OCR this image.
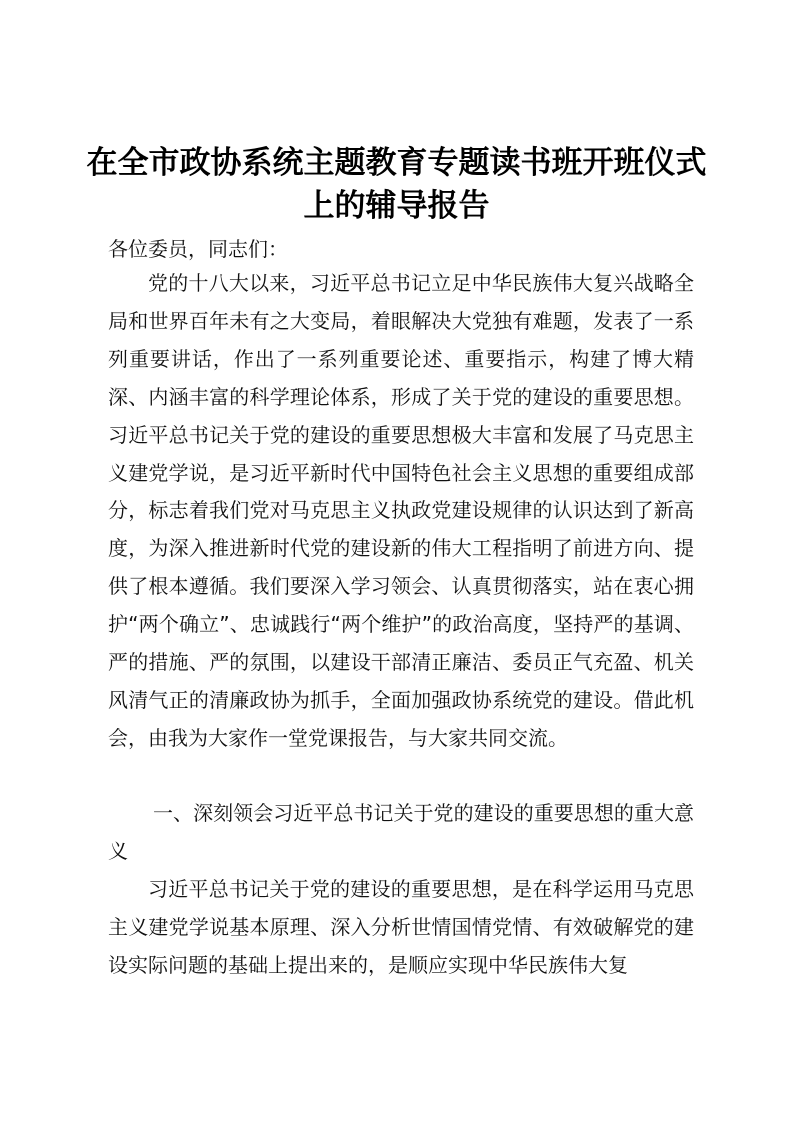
在全市政协系统主题教育专题读书班开班仪式
上的辅导报告
各位委员，同志们：
党的十八大以来，习近平总书记立足中华民族伟大复兴战略全局和世界百年未有之大变局，着眼解决大党独有难题，发表了一系列重要讲话，作出了一系列重要论述、重要指示，构建了博大精深、内涵丰富的科学理论体系，形成了关于党的建设的重要思想。习近平总书记关于党的建设的重要思想极大丰富和发展了马克思主义建党学说，是习近平新时代中国特色社会主义思想的重要组成部分，标志着我们党对马克思主义执政党建设规律的认识达到了新高度，为深入推进新时代党的建设新的伟大工程指明了前进方向、提供了根本遵循。我们要深入学习领会、认真贯彻落实，站在衷心拥护“两个确立”、忠诚践行“两个维护”的政治高度，坚持严的基调、严的措施、严的氛围，以建设干部清正廉洁、委员正气充盈、机关风清气正的清廉政协为抓手，全面加强政协系统党的建设。借此机会，由我为大家作一堂党课报告，与大家共同交流。
一、深刻领会习近平总书记关于党的建设的重要思想的重大意义
习近平总书记关于党的建设的重要思想，是在科学运用马克思主义建党学说基本原理、深入分析世情国情党情、有效破解党的建设实际问题的基础上提出来的，是顺应实现中华民族伟大复
